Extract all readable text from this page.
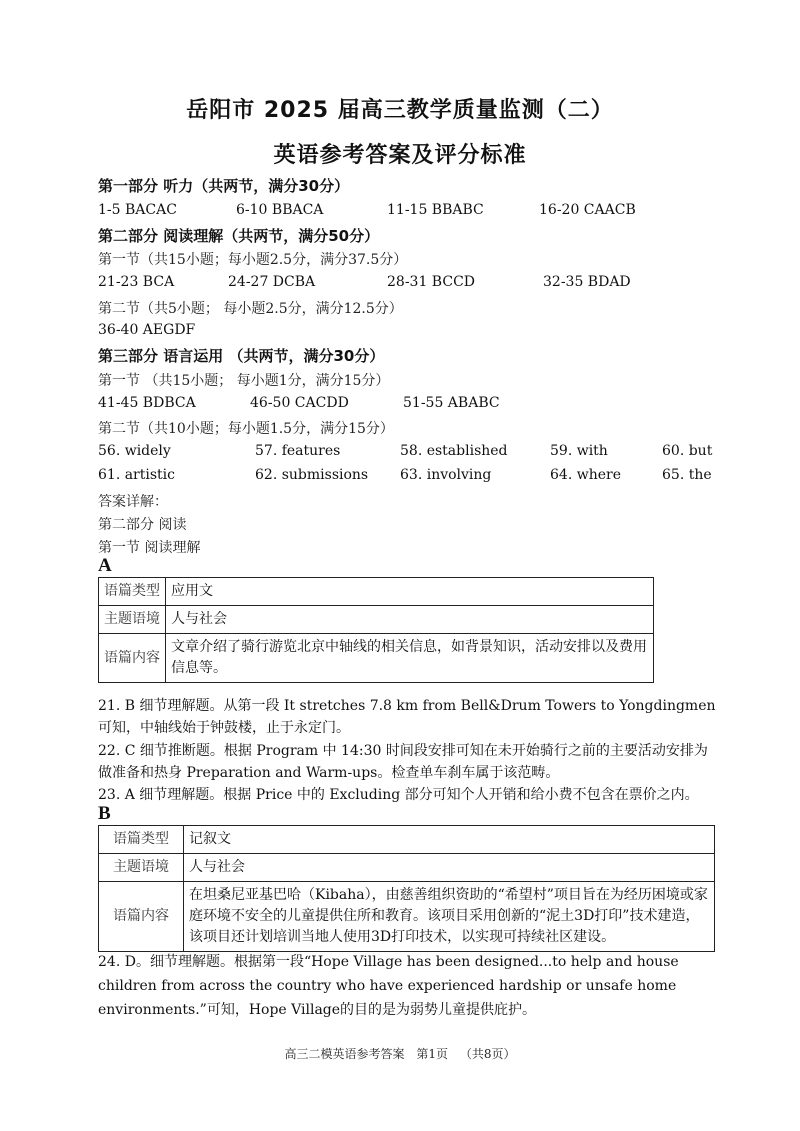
岳阳市 2025 届高三教学质量监测（二）
英语参考答案及评分标准
第一部分 听力（共两节，满分30分）
1-5 BACAC	6-10 BBACA	11-15 BBABC	16-20 CAACB
第二部分 阅读理解（共两节，满分50分）
第一节（共15小题；每小题2.5分，满分37.5分）
21-23 BCA	24-27 DCBA	28-31 BCCD	32-35 BDAD
第二节（共5小题； 每小题2.5分，满分12.5分）
36-40 AEGDF
第三部分 语言运用 （共两节，满分30分）
第一节 （共15小题； 每小题1分，满分15分）
41-45 BDBCA	46-50 CACDD	51-55 ABABC
第二节（共10小题；每小题1.5分，满分15分）
56. widely	57. features	58. established	59. with	60. but
61. artistic	62. submissions 63. involving	64. where	65. the
答案详解：
第二部分 阅读
第一节 阅读理解
A
语篇类型	应用文
主题语境	人与社会
语篇内容	文章介绍了骑行游览北京中轴线的相关信息，如背景知识，活动安排以及费用信息等。
21. B 细节理解题。从第一段 It stretches 7.8 km from Bell&Drum Towers to Yongdingmen 可知，中轴线始于钟鼓楼，止于永定门。
22. C 细节推断题。根据 Program 中 14:30 时间段安排可知在未开始骑行之前的主要活动安排为做准备和热身 Preparation and Warm-ups。检查单车刹车属于该范畴。
23. A 细节理解题。根据 Price 中的 Excluding 部分可知个人开销和给小费不包含在票价之内。
B
语篇类型	记叙文
主题语境	人与社会
语篇内容	在坦桑尼亚基巴哈（Kibaha），由慈善组织资助的“希望村”项目旨在为经历困境或家庭环境不安全的儿童提供住所和教育。该项目采用创新的“泥土3D打印”技术建造，该项目还计划培训当地人使用3D打印技术，以实现可持续社区建设。
24. D。细节理解题。根据第一段“Hope Village has been designed...to help and house children from across the country who have experienced hardship or unsafe home environments.”可知，Hope Village的目的是为弱势儿童提供庇护。
高三二模英语参考答案 第1页 （共8页）
